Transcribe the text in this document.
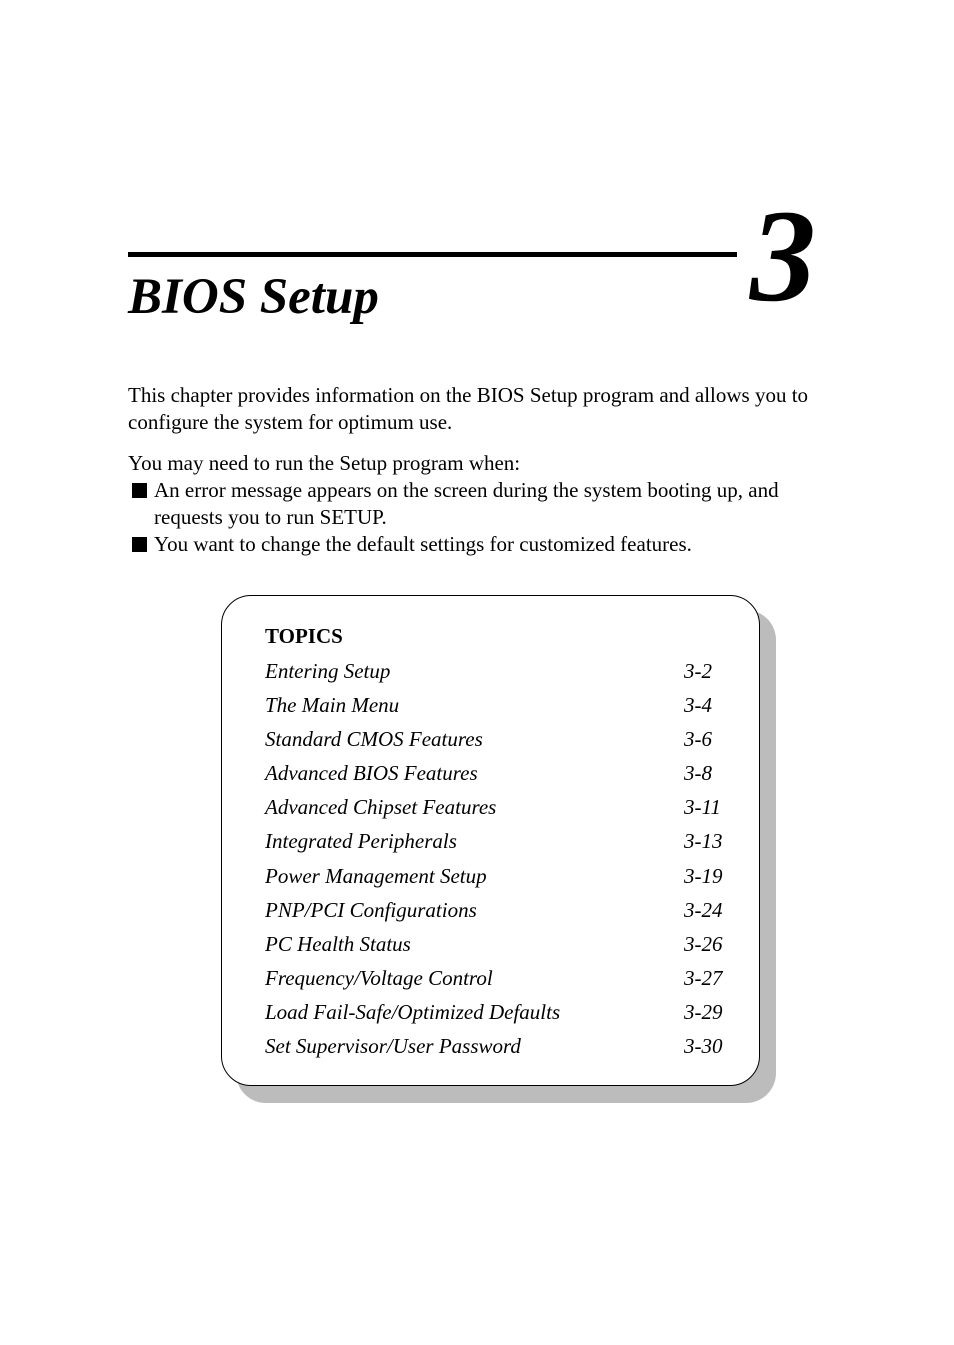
3
BIOS Setup

This chapter provides information on the BIOS Setup program and allows you to configure the system for optimum use.

You may need to run the Setup program when:

An error message appears on the screen during the system booting up, and requests you to run SETUP.
You want to change the default settings for customized features.
TOPICS
Entering Setup	3-2
The Main Menu	3-4
Standard CMOS Features	3-6
Advanced BIOS Features	3-8
Advanced Chipset Features	3-11
Integrated Peripherals	3-13
Power Management Setup	3-19
PNP/PCI Configurations	3-24
PC Health Status	3-26
Frequency/Voltage Control	3-27
Load Fail-Safe/Optimized Defaults	3-29
Set Supervisor/User Password	3-30
